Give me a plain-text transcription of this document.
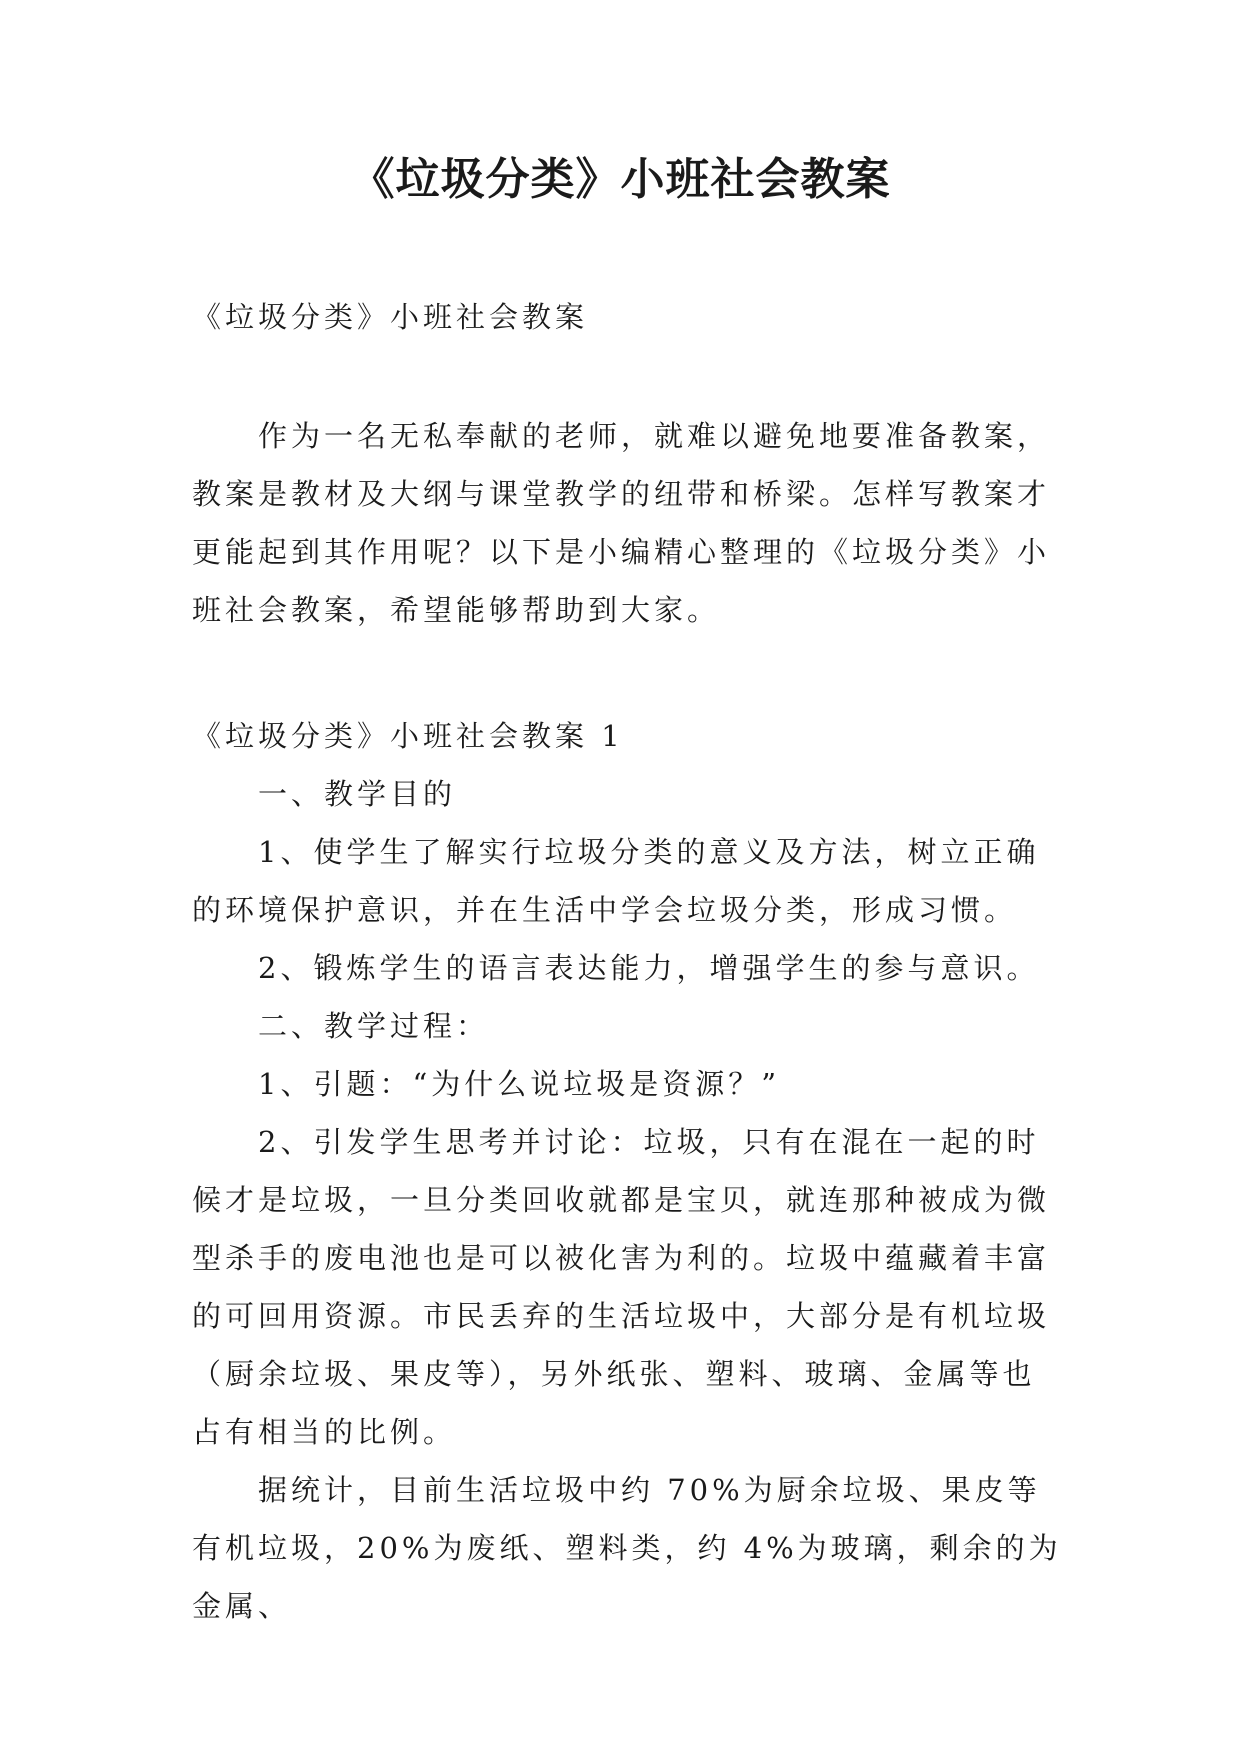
《垃圾分类》小班社会教案
《垃圾分类》小班社会教案
作为一名无私奉献的老师，就难以避免地要准备教案，教案是教材及大纲与课堂教学的纽带和桥梁。怎样写教案才更能起到其作用呢？以下是小编精心整理的《垃圾分类》小班社会教案，希望能够帮助到大家。
《垃圾分类》小班社会教案 1

一、教学目的

1、使学生了解实行垃圾分类的意义及方法，树立正确的环境保护意识，并在生活中学会垃圾分类，形成习惯。

2、锻炼学生的语言表达能力，增强学生的参与意识。

二、教学过程：

1、引题：“为什么说垃圾是资源？”

2、引发学生思考并讨论：垃圾，只有在混在一起的时候才是垃圾，一旦分类回收就都是宝贝，就连那种被成为微型杀手的废电池也是可以被化害为利的。垃圾中蕴藏着丰富的可回用资源。市民丢弃的生活垃圾中，大部分是有机垃圾（厨余垃圾、果皮等），另外纸张、塑料、玻璃、金属等也占有相当的比例。

据统计，目前生活垃圾中约 70%为厨余垃圾、果皮等有机垃圾，20%为废纸、塑料类，约 4%为玻璃，剩余的为金属、
